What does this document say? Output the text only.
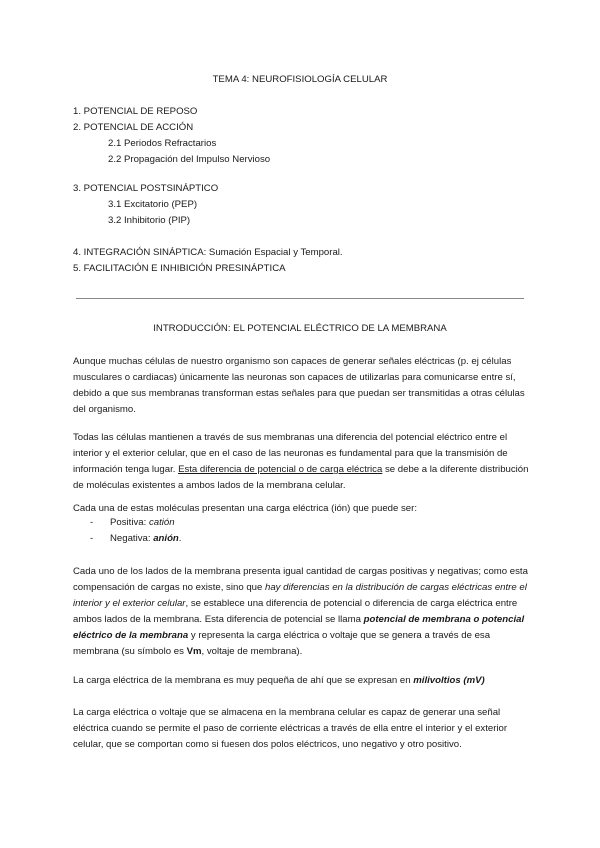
TEMA 4: NEUROFISIOLOGÍA CELULAR
1. POTENCIAL DE REPOSO
2. POTENCIAL DE ACCIÓN
2.1 Periodos Refractarios
2.2 Propagación del Impulso Nervioso
3. POTENCIAL POSTSINÁPTICO
3.1 Excitatorio (PEP)
3.2 Inhibitorio (PIP)
4. INTEGRACIÓN SINÁPTICA: Sumación Espacial y Temporal.
5. FACILITACIÓN E INHIBICIÓN PRESINÁPTICA
INTRODUCCIÓN: EL POTENCIAL ELÉCTRICO DE LA MEMBRANA

Aunque muchas células de nuestro organismo son capaces de generar señales eléctricas (p. ej células musculares o cardiacas) únicamente las neuronas son capaces de utilizarlas para comunicarse entre sí, debido a que sus membranas transforman estas señales para que puedan ser transmitidas a otras células del organismo.

Todas las células mantienen a través de sus membranas una diferencia del potencial eléctrico entre el interior y el exterior celular, que en el caso de las neuronas es fundamental para que la transmisión de información tenga lugar. Esta diferencia de potencial o de carga eléctrica se debe a la diferente distribución de moléculas existentes a ambos lados de la membrana celular.

Cada una de estas moléculas presentan una carga eléctrica (ión) que puede ser:

- Positiva: catión
- Negativa: anión.

Cada uno de los lados de la membrana presenta igual cantidad de cargas positivas y negativas; como esta compensación de cargas no existe, sino que hay diferencias en la distribución de cargas eléctricas entre el interior y el exterior celular, se establece una diferencia de potencial o diferencia de carga eléctrica entre ambos lados de la membrana. Esta diferencia de potencial se llama potencial de membrana o potencial eléctrico de la membrana y representa la carga eléctrica o voltaje que se genera a través de esa membrana (su símbolo es Vm, voltaje de membrana).

La carga eléctrica de la membrana es muy pequeña de ahí que se expresan en milivoltios (mV)

La carga eléctrica o voltaje que se almacena en la membrana celular es capaz de generar una señal eléctrica cuando se permite el paso de corriente eléctricas a través de ella entre el interior y el exterior celular, que se comportan como si fuesen dos polos eléctricos, uno negativo y otro positivo.
